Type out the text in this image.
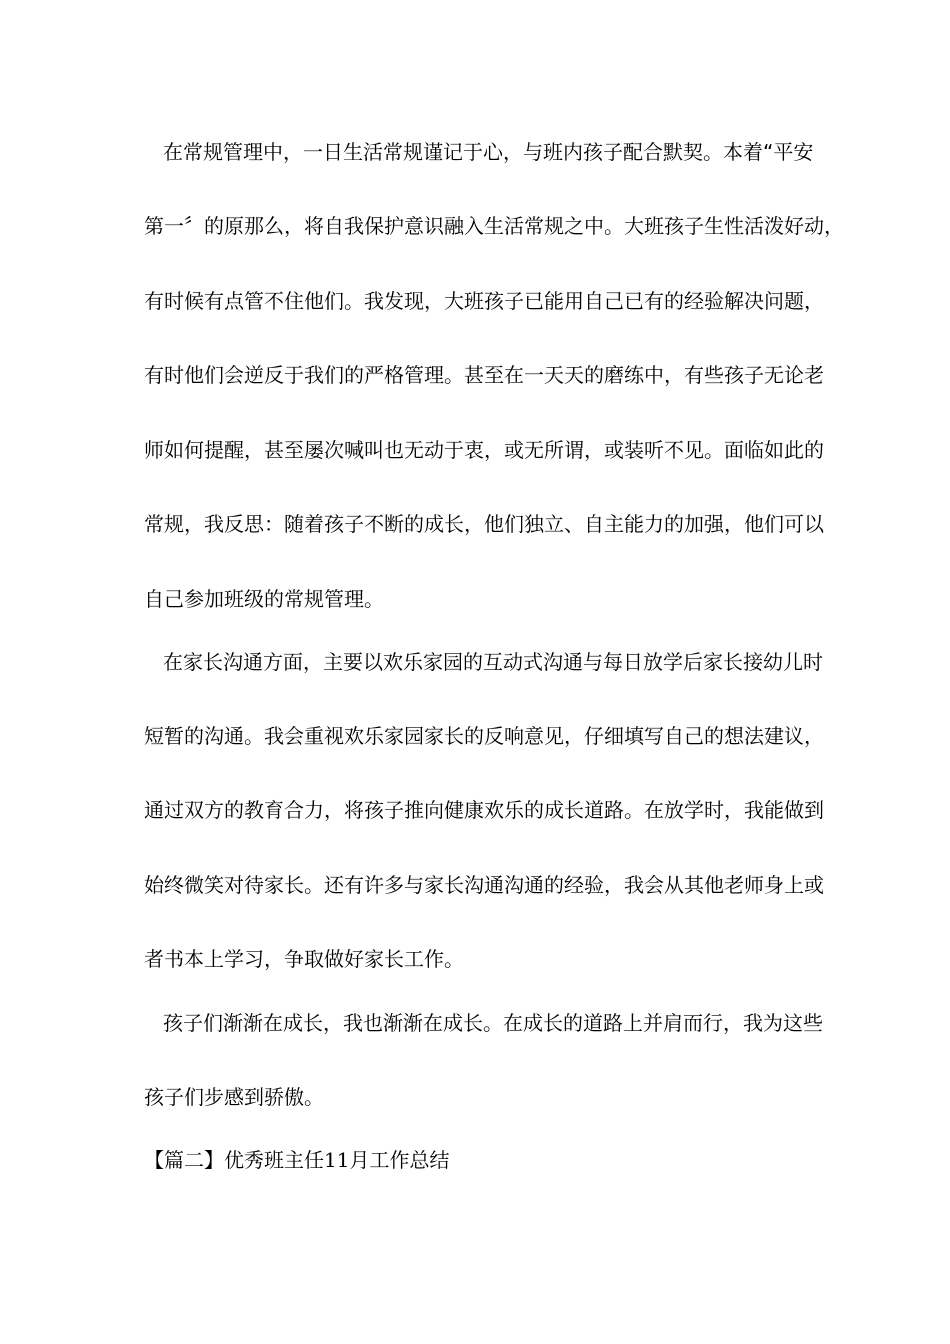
在常规管理中，一日生活常规谨记于心，与班内孩子配合默契。本着“平安
第一〞的原那么，将自我保护意识融入生活常规之中。大班孩子生性活泼好动，
有时候有点管不住他们。我发现，大班孩子已能用自己已有的经验解决问题，
有时他们会逆反于我们的严格管理。甚至在一天天的磨练中，有些孩子无论老
师如何提醒，甚至屡次喊叫也无动于衷，或无所谓，或装听不见。面临如此的
常规，我反思：随着孩子不断的成长，他们独立、自主能力的加强，他们可以
自己参加班级的常规管理。
在家长沟通方面，主要以欢乐家园的互动式沟通与每日放学后家长接幼儿时
短暂的沟通。我会重视欢乐家园家长的反响意见，仔细填写自己的想法建议，
通过双方的教育合力，将孩子推向健康欢乐的成长道路。在放学时，我能做到
始终微笑对待家长。还有许多与家长沟通沟通的经验，我会从其他老师身上或
者书本上学习，争取做好家长工作。
孩子们渐渐在成长，我也渐渐在成长。在成长的道路上并肩而行，我为这些
孩子们步感到骄傲。
【篇二】优秀班主任11月工作总结
